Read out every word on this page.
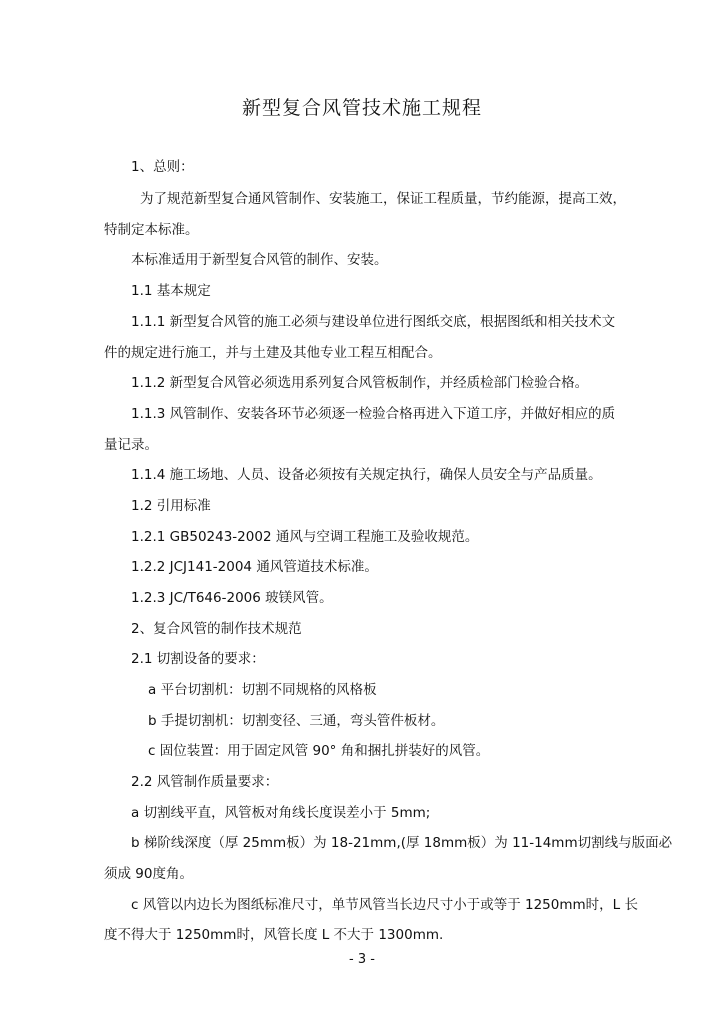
新型复合风管技术施工规程
1、总则：
为了规范新型复合通风管制作、安装施工，保证工程质量，节约能源，提高工效，
特制定本标准。
本标准适用于新型复合风管的制作、安装。
1.1 基本规定
1.1.1 新型复合风管的施工必须与建设单位进行图纸交底，根据图纸和相关技术文
件的规定进行施工，并与土建及其他专业工程互相配合。
1.1.2 新型复合风管必须选用系列复合风管板制作，并经质检部门检验合格。
1.1.3 风管制作、安装各环节必须逐一检验合格再进入下道工序，并做好相应的质
量记录。
1.1.4 施工场地、人员、设备必须按有关规定执行，确保人员安全与产品质量。
1.2 引用标准
1.2.1 GB50243-2002 通风与空调工程施工及验收规范。
1.2.2 JCJ141-2004 通风管道技术标准。
1.2.3 JC/T646-2006 玻镁风管。
2、复合风管的制作技术规范
2.1 切割设备的要求：
a 平台切割机：切割不同规格的风格板
b 手提切割机：切割变径、三通，弯头管件板材。
c 固位装置：用于固定风管 90° 角和捆扎拼装好的风管。
2.2 风管制作质量要求：
a 切割线平直，风管板对角线长度误差小于 5mm;
b 梯阶线深度（厚 25mm板）为 18-21mm,(厚 18mm板）为 11-14mm切割线与版面必
须成 90度角。
c 风管以内边长为图纸标准尺寸，单节风管当长边尺寸小于或等于 1250mm时，L 长
度不得大于 1250mm时，风管长度 L 不大于 1300mm.
- 3 -
